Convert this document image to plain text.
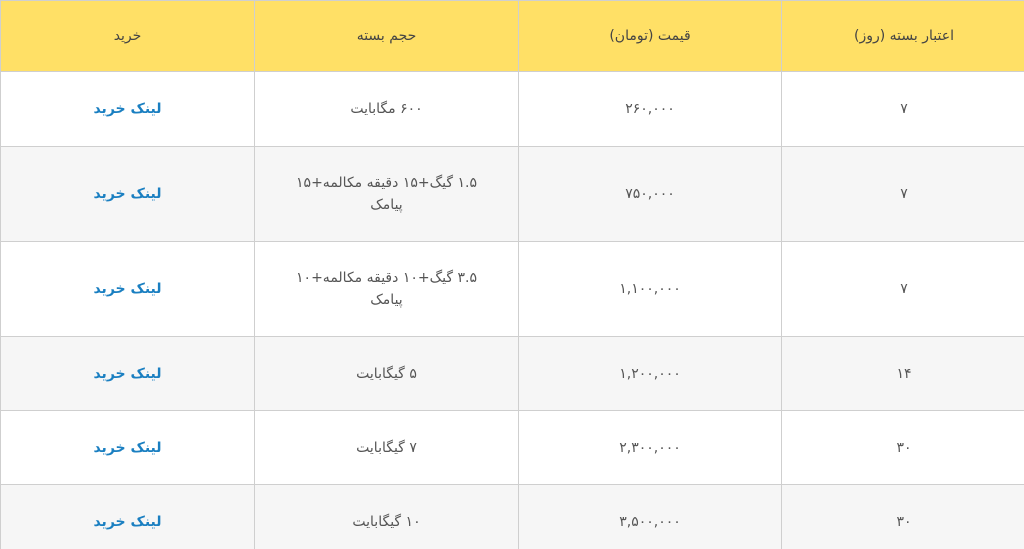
اعتبار بسته (روز)	قیمت (تومان)	حجم بسته	خرید
۷	۲۶۰,۰۰۰	۶۰۰ مگابایت	لینک خرید
۷	۷۵۰,۰۰۰	۱.۵ گیگ+۱۵ دقیقه مکالمه+۱۵ پیامک	لینک خرید
۷	۱,۱۰۰,۰۰۰	۳.۵ گیگ+۱۰ دقیقه مکالمه+۱۰ پیامک	لینک خرید
۱۴	۱,۲۰۰,۰۰۰	۵ گیگابایت	لینک خرید
۳۰	۲,۳۰۰,۰۰۰	۷ گیگابایت	لینک خرید
۳۰	۳,۵۰۰,۰۰۰	۱۰ گیگابایت	لینک خرید
